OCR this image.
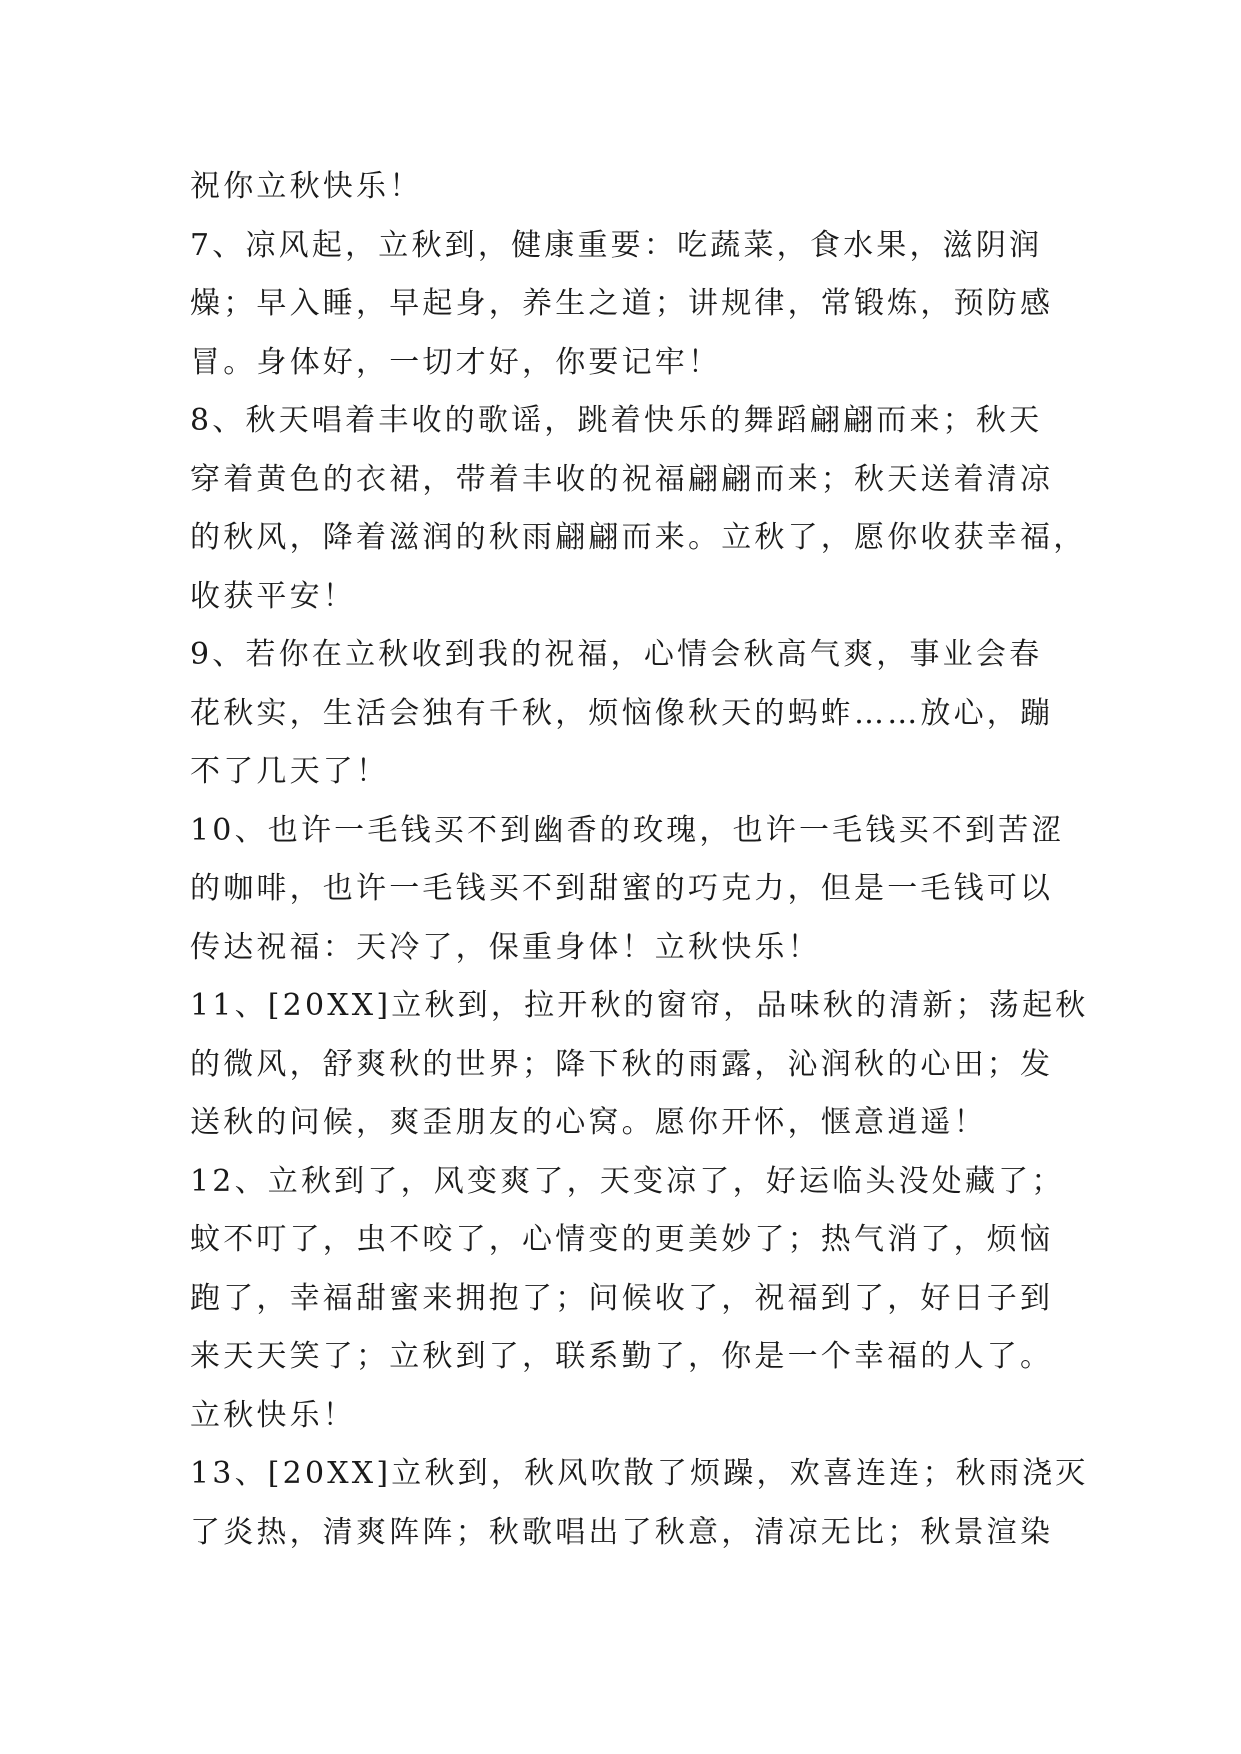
祝你立秋快乐！
7、凉风起，立秋到，健康重要：吃蔬菜，食水果，滋阴润
燥；早入睡，早起身，养生之道；讲规律，常锻炼，预防感
冒。身体好，一切才好，你要记牢！
8、秋天唱着丰收的歌谣，跳着快乐的舞蹈翩翩而来；秋天
穿着黄色的衣裙，带着丰收的祝福翩翩而来；秋天送着清凉
的秋风，降着滋润的秋雨翩翩而来。立秋了，愿你收获幸福，
收获平安！
9、若你在立秋收到我的祝福，心情会秋高气爽，事业会春
花秋实，生活会独有千秋，烦恼像秋天的蚂蚱……放心，蹦
不了几天了！
10、也许一毛钱买不到幽香的玫瑰，也许一毛钱买不到苦涩
的咖啡，也许一毛钱买不到甜蜜的巧克力，但是一毛钱可以
传达祝福：天冷了，保重身体！立秋快乐！
11、[20XX]立秋到，拉开秋的窗帘，品味秋的清新；荡起秋
的微风，舒爽秋的世界；降下秋的雨露，沁润秋的心田；发
送秋的问候，爽歪朋友的心窝。愿你开怀，惬意逍遥！
12、立秋到了，风变爽了，天变凉了，好运临头没处藏了；
蚊不叮了，虫不咬了，心情变的更美妙了；热气消了，烦恼
跑了，幸福甜蜜来拥抱了；问候收了，祝福到了，好日子到
来天天笑了；立秋到了，联系勤了，你是一个幸福的人了。
立秋快乐！
13、[20XX]立秋到，秋风吹散了烦躁，欢喜连连；秋雨浇灭
了炎热，清爽阵阵；秋歌唱出了秋意，清凉无比；秋景渲染
